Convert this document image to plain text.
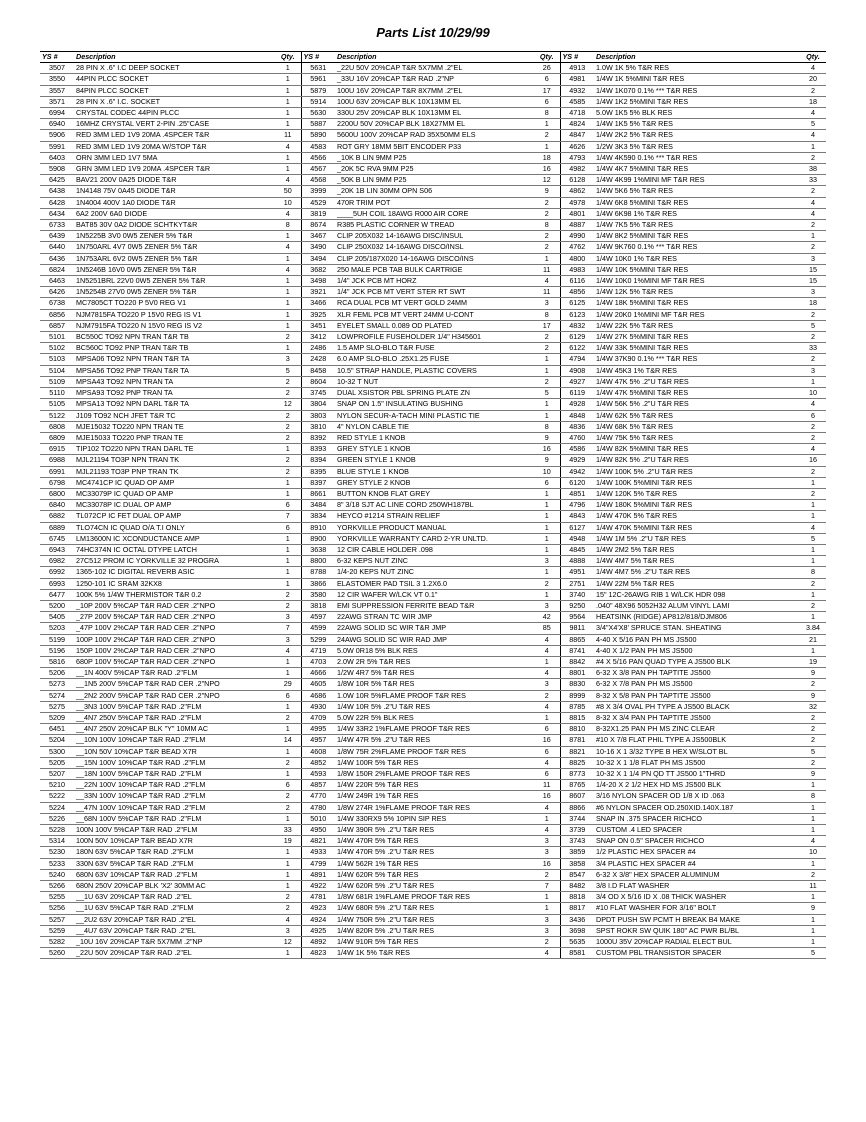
Parts List 10/29/99
YS #	Description	Qty.	YS #	Description	Qty.	YS #	Description	Qty.
3507	28 PIN X .6" I.C DEEP SOCKET	1	5631	_22U 50V 20%CAP T&R 5X7MM .2"EL	26	4913	1.0W 1K 5% T&R RES	4
3550	44PIN PLCC SOCKET	1	5961	_33U 16V 20%CAP T&R RAD .2"NP	6	4981	1/4W 1K 5%MINI T&R RES	20
3557	84PIN PLCC SOCKET	1	5879	100U 16V 20%CAP T&R 8X7MM .2"EL	17	4932	1/4W 1K070 0.1% *** T&R RES	2
3571	28 PIN X .6" I.C. SOCKET	1	5914	100U 63V 20%CAP BLK 10X13MM EL	6	4585	1/4W 1K2 5%MINI T&R RES	18
6994	CRYSTAL CODEC 44PIN PLCC	1	5630	330U 25V 20%CAP BLK 10X13MM EL	8	4718	5.0W 1K5 5% BLK RES	4
6940	16MHZ CRYSTAL VERT 2-PIN .25"CASE	1	5887	2200U 50V 20%CAP BLK 18X27MM EL	1	4824	1/4W 1K5 5% T&R RES	5
5906	RED 3MM LED 1V9 20MA .4SPCER T&R	11	5890	5600U 100V 20%CAP RAD 35X50MM ELS	2	4847	1/4W 2K2 5% T&R RES	4
5991	RED 3MM LED 1V9 20MA W/STOP T&R	4	4583	ROT GRY 18MM 5BIT ENCODER P33	1	4626	1/2W 3K3 5% T&R RES	1
6403	ORN 3MM LED 1V7 5MA	1	4566	_10K B LIN 9MM P25	18	4793	1/4W 4K590 0.1% *** T&R RES	2
5908	GRN 3MM LED 1V9 20MA .4SPCER T&R	1	4567	_20K 5C RVA 9MM P25	16	4982	1/4W 4K7 5%MINI T&R RES	38
6425	BAV21 200V 0A25 DIODE T&R	4	4568	_50K B LIN 9MM P25	12	6128	1/4W 4K99 1%MINI MF T&R RES	33
6438	1N4148 75V 0A45 DIODE T&R	50	3999	_20K 1B LIN 30MM OPN S06	9	4862	1/4W 5K6 5% T&R RES	2
6428	1N4004 400V 1A0 DIODE T&R	10	4529	470R TRIM POT	2	4978	1/4W 6K8 5%MINI T&R RES	4
6434	6A2 200V 6A0 DIODE	4	3819	____5UH COIL 18AWG R000 AIR CORE	2	4801	1/4W 6K98 1% T&R RES	4
6733	BAT85 30V 0A2 DIODE SCHTKYT&R	8	8674	R385 PLASTIC CORNER W TREAD	8	4887	1/4W 7K5 5% T&R RES	2
6439	1N5225B 3V0 0W5 ZENER 5% T&R	1	3467	CLIP 205X032 14-16AWG DISC/INSUL	2	4990	1/4W 8K2 5%MINI T&R RES	1
6440	1N750ARL 4V7 0W5 ZENER 5% T&R	4	3490	CLIP 250X032 14-16AWG DISCO/INSL	2	4762	1/4W 9K760 0.1% *** T&R RES	2
6436	1N753ARL 6V2 0W5 ZENER 5% T&R	1	3494	CLIP 205/187X020 14-16AWG DISCO/INS	1	4800	1/4W 10K0 1% T&R RES	3
6824	1N5246B 16V0 0W5 ZENER 5% T&R	4	3682	250 MALE PCB TAB BULK CARTRIGE	11	4983	1/4W 10K 5%MINI T&R RES	15
6463	1N5251BRL 22V0 0W5 ZENER 5% T&R	1	3498	1/4" JCK PCB MT HORZ	4	6116	1/4W 10K0 1%MINI MF T&R RES	15
6426	1N5254B 27V0 0W5 ZENER 5% T&R	1	3921	1/4" JCK PCB MT VERT STER RT SWT	11	4856	1/4W 12K 5% T&R RES	3
6738	MC7805CT TO220 P 5V0 REG V1	1	3466	RCA DUAL PCB MT VERT GOLD 24MM	3	6125	1/4W 18K 5%MINI T&R RES	18
6856	NJM7815FA TO220 P 15V0 REG IS V1	1	3925	XLR FEML PCB MT VERT 24MM U-CONT	8	6123	1/4W 20K0 1%MINI MF T&R RES	2
6857	NJM7915FA TO220 N 15V0 REG IS V2	1	3451	EYELET SMALL 0.089 OD PLATED	17	4832	1/4W 22K 5% T&R RES	5
5101	BC550C TO92 NPN TRAN T&R TB	2	3412	LOWPROFILE FUSEHOLDER 1/4" H345601	2	6129	1/4W 27K 5%MINI T&R RES	2
5102	BC560C TO92 PNP TRAN T&R TB	1	2486	1.5 AMP SLO-BLO T&R FUSE	2	6122	1/4W 33K 5%MINI T&R RES	33
5103	MPSA06 TO92 NPN TRAN T&R TA	3	2428	6.0 AMP SLO-BLO .25X1.25 FUSE	1	4794	1/4W 37K90 0.1% *** T&R RES	2
5104	MPSA56 TO92 PNP TRAN T&R TA	5	8458	10.5" STRAP HANDLE, PLASTIC COVERS	1	4908	1/4W 45K3 1% T&R RES	3
5109	MPSA43 TO92 NPN TRAN TA	2	8604	10-32 T NUT	2	4927	1/4W 47K 5% .2"U T&R RES	1
5110	MPSA93 TO92 PNP TRAN TA	2	3745	DUAL XSISTOR PBL SPRING PLATE ZN	5	6119	1/4W 47K 5%MINI T&R RES	10
5105	MPSA13 TO92 NPN DARL T&R TA	12	3804	SNAP ON 1.5" INSULATING BUSHING	1	4928	1/4W 56K 5% .2"U T&R RES	4
5122	J109 TO92 NCH JFET T&R TC	2	3803	NYLON SECUR-A-TACH MINI PLASTIC TIE	1	4848	1/4W 62K 5% T&R RES	6
6808	MJE15032 TO220 NPN TRAN TE	2	3810	4" NYLON CABLE TIE	8	4836	1/4W 68K 5% T&R RES	2
6809	MJE15033 TO220 PNP TRAN TE	2	8392	RED STYLE 1 KNOB	9	4760	1/4W 75K 5% T&R RES	2
6915	TIP102 TO220 NPN TRAN DARL TE	1	8393	GREY STYLE 1 KNOB	16	4586	1/4W 82K 5%MINI T&R RES	4
6988	MJL21194 TO3P NPN TRAN TK	2	8394	GREEN STYLE 1 KNOB	9	4929	1/4W 82K 5% .2"U T&R RES	16
6991	MJL21193 TO3P PNP TRAN TK	2	8395	BLUE STYLE 1 KNOB	10	4942	1/4W 100K 5% .2"U T&R RES	2
6798	MC4741CP IC QUAD OP AMP	1	8397	GREY STYLE 2 KNOB	6	6120	1/4W 100K 5%MINI T&R RES	1
6800	MC33079P IC QUAD OP AMP	1	8661	BUTTON KNOB FLAT GREY	1	4851	1/4W 120K 5% T&R RES	2
6840	MC33078P IC DUAL OP AMP	6	3484	8" 3/18 SJT AC LINE CORD 250WH187BL	1	4796	1/4W 180K 5%MINI T&R RES	1
6882	TL072CP IC FET DUAL OP AMP	7	3834	HEYCO #1214 STRAIN RELIEF	1	4843	1/4W 470K 5% T&R RES	1
6889	TLO74CN IC QUAD O/A T.I ONLY	6	8910	YORKVILLE PRODUCT MANUAL	1	6127	1/4W 470K 5%MINI T&R RES	4
6745	LM13600N IC XCONDUCTANCE AMP	1	8900	YORKVILLE WARRANTY CARD 2-YR UNLTD.	1	4948	1/4W 1M 5% .2"U T&R RES	5
6943	74HC374N IC OCTAL DTYPE LATCH	1	3638	12 CIR CABLE HOLDER .098	1	4845	1/4W 2M2 5% T&R RES	1
6982	27C512 PROM IC YORKVILLE 32 PROGRA	1	8800	6-32 KEPS NUT ZINC	3	4888	1/4W 4M7 5% T&R RES	1
6992	1365-102 IC DIGITAL REVERB ASIC	1	8788	1/4-20 KEPS NUT ZINC	1	4951	1/4W 4M7 5% .2"U T&R RES	8
6993	1250-101 IC SRAM 32KX8	1	3866	ELASTOMER PAD TSIL 3 1.2X6.0	2	2751	1/4W 22M 5% T&R RES	2
6477	100K 5% 1/4W THERMISTOR T&R 0.2	2	3580	12 CIR WAFER W/LCK VT 0.1"	1	3740	15" 12C-26AWG RIB 1 W/LCK HDR 098	1
5200	_10P 200V 5%CAP T&R RAD CER .2"NPO	2	3818	EMI SUPPRESSION FERRITE BEAD T&R	3	9250	.040" 48X96 5052H32 ALUM VINYL LAMI	2
5405	_27P 200V 5%CAP T&R RAD CER .2"NPO	3	4597	22AWG STRAN TC WIR JMP	42	9564	HEATSINK (RIDGE) AP812/818/DJM806	1
5203	_47P 100V 2%CAP T&R RAD CER .2"NPO	7	4599	22AWG SOLID SC WIR T&R JMP	85	9811	3/4"X4'X8' SPRUCE STAN. SHEATING	3.84
5199	100P 100V 2%CAP T&R RAD CER .2"NPO	3	5299	24AWG SOLID SC WIR RAD JMP	4	8865	4-40 X 5/16 PAN PH MS JS500	21
5196	150P 100V 2%CAP T&R RAD CER .2"NPO	4	4719	5.0W 0R18 5% BLK RES	4	8741	4-40 X 1/2 PAN PH MS JS500	1
5816	680P 100V 5%CAP T&R RAD CER .2"NPO	1	4703	2.0W 2R 5% T&R RES	1	8842	#4 X 5/16 PAN QUAD TYPE A JS500 BLK	19
5206	__1N 400V 5%CAP T&R RAD .2"FLM	1	4666	1/2W 4R7 5% T&R RES	4	8801	6-32 X 3/8 PAN PH TAPTITE JS500	9
5273	__1N5 200V 5%CAP T&R RAD CER .2"NPO	29	4605	1/8W 10R 5% T&R RES	3	8830	6-32 X 7/8 PAN PH MS JS500	2
5274	__2N2 200V 5%CAP T&R RAD CER .2"NPO	6	4686	1.0W 10R 5%FLAME PROOF T&R RES	2	8999	8-32 X 5/8 PAN PH TAPTITE JS500	9
5275	__3N3 100V 5%CAP T&R RAD .2"FLM	1	4930	1/4W 10R 5% .2"U T&R RES	4	8785	#8 X 3/4 OVAL PH TYPE A JS500 BLACK	32
5209	__4N7 250V 5%CAP T&R RAD .2"FLM	2	4709	5.0W 22R 5% BLK RES	1	8815	8-32 X 3/4 PAN PH TAPTITE JS500	2
6451	__4N7 250V 20%CAP BLK "Y" 10MM AC	1	4995	1/4W 33R2 1%FLAME PROOF T&R RES	6	8810	8-32X1.25 PAN PH MS ZINC CLEAR	2
5204	__10N 100V 10%CAP T&R RAD .2"FLM	14	4957	1/4W 47R 5% .2"U T&R RES	16	8781	#10 X 7/8 FLAT PHIL TYPE A JS500BLK	2
5300	__10N 50V 10%CAP T&R BEAD X7R	1	4608	1/8W 75R 2%FLAME PROOF T&R RES	6	8821	10-16 X 1 3/32 TYPE B HEX W/SLOT BL	5
5205	__15N 100V 10%CAP T&R RAD .2"FLM	2	4852	1/4W 100R 5% T&R RES	4	8825	10-32 X 1 1/8 FLAT PH MS JS500	2
5207	__18N 100V 5%CAP T&R RAD .2"FLM	1	4593	1/8W 150R 2%FLAME PROOF T&R RES	6	8773	10-32 X 1 1/4 PN QD TT JS500 1"THRD	9
5210	__22N 100V 10%CAP T&R RAD .2"FLM	6	4857	1/4W 220R 5% T&R RES	11	8765	1/4-20 X 2 1/2 HEX HD MS JS500 BLK	1
5222	__33N 100V 10%CAP T&R RAD .2"FLM	2	4770	1/4W 249R 1% T&R RES	16	8607	3/16 NYLON SPACER OD 1/8 X ID .063	8
5224	__47N 100V 10%CAP T&R RAD .2"FLM	2	4780	1/8W 274R 1%FLAME PROOF T&R RES	4	8866	#6 NYLON SPACER OD.250XID.140X.187	1
5226	__68N 100V 5%CAP T&R RAD .2"FLM	1	5010	1/4W 330RX9 5% 10PIN SIP RES	1	3744	SNAP IN .375 SPACER RICHCO	1
5228	100N 100V 5%CAP T&R RAD .2"FLM	33	4950	1/4W 390R 5% .2"U T&R RES	4	3739	CUSTOM .4 LED SPACER	1
5314	100N 50V 10%CAP T&R BEAD X7R	19	4821	1/4W 470R 5% T&R RES	3	3743	SNAP ON 0.5" SPACER RICHCO	4
5230	180N 63V 5%CAP T&R RAD .2"FLM	1	4933	1/4W 470R 5% .2"U T&R RES	3	3859	1/2 PLASTIC HEX SPACER #4	10
5233	330N 63V 5%CAP T&R RAD .2"FLM	1	4799	1/4W 562R 1% T&R RES	16	3858	3/4 PLASTIC HEX SPACER #4	1
5240	680N 63V 10%CAP T&R RAD .2"FLM	1	4891	1/4W 620R 5% T&R RES	2	8547	6-32 X 3/8" HEX SPACER ALUMINUM	2
5266	680N 250V 20%CAP BLK 'X2' 30MM AC	1	4922	1/4W 620R 5% .2"U T&R RES	7	8482	3/8 I.D FLAT WASHER	11
5255	__1U 63V 20%CAP T&R RAD .2"EL	2	4781	1/8W 681R 1%FLAME PROOF T&R RES	1	8818	3/4 OD X 5/16 ID X .08 THICK WASHER	1
5256	__1U 63V 5%CAP T&R RAD .2"FLM	2	4923	1/4W 680R 5% .2"U T&R RES	1	8817	#10 FLAT WASHER FOR 3/16" BOLT	9
5257	__2U2 63V 20%CAP T&R RAD .2"EL	4	4924	1/4W 750R 5% .2"U T&R RES	3	3436	DPDT PUSH SW PCMT H BREAK B4 MAKE	1
5259	__4U7 63V 20%CAP T&R RAD .2"EL	3	4925	1/4W 820R 5% .2"U T&R RES	3	3698	SPST ROKR SW QUIK 180" AC PWR BL/BL	1
5282	_10U 16V 20%CAP T&R 5X7MM .2"NP	12	4892	1/4W 910R 5% T&R RES	2	5635	1000U 35V 20%CAP RADIAL ELECT BUL	1
5260	_22U 50V 20%CAP T&R RAD .2"EL	1	4823	1/4W 1K 5% T&R RES	4	8581	CUSTOM PBL TRANSISTOR SPACER	5
